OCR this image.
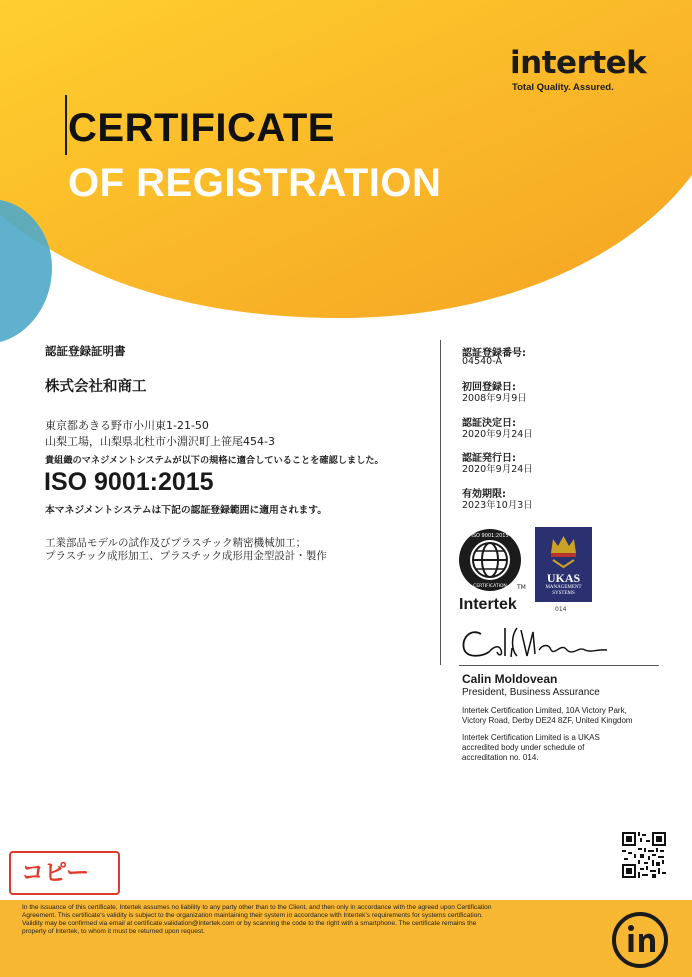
intertek
Total Quality. Assured.
CERTIFICATE
OF REGISTRATION
認証登録証明書
株式会社和商工
東京都あきる野市小川東1-21-50
山梨工場，山梨県北杜市小淵沢町上笹尾454-3
貴組織のマネジメントシステムが以下の規格に適合していることを確認しました。
ISO 9001:2015
本マネジメントシステムは下記の認証登録範囲に適用されます。
工業部品モデルの試作及びプラスチック精密機械加工；
プラスチック成形加工、プラスチック成形用金型設計・製作
認証登録番号:
04540-A
初回登録日:
2008年9月9日
認証決定日:
2020年9月24日
認証発行日:
2020年9月24日
有効期限:
2023年10月3日
ISO 9001:2015
CERTIFICATION
Intertek
TM
UKAS
MANAGEMENT
SYSTEMS
014
Calin Moldovean
President, Business Assurance
Intertek Certification Limited, 10A Victory Park,
Victory Road, Derby DE24 8ZF, United Kingdom
Intertek Certification Limited is a UKAS
accredited body under schedule of
accreditation no. 014.
コピー
In the issuance of this certificate, Intertek assumes no liability to any party other than to the Client, and then only in accordance with the agreed upon Certification
Agreement. This certificate's validity is subject to the organization maintaining their system in accordance with Intertek's requirements for systems certification.
Validity may be confirmed via email at certificate.validation@intertek.com or by scanning the code to the right with a smartphone. The certificate remains the
property of Intertek, to whom it must be returned upon request.
